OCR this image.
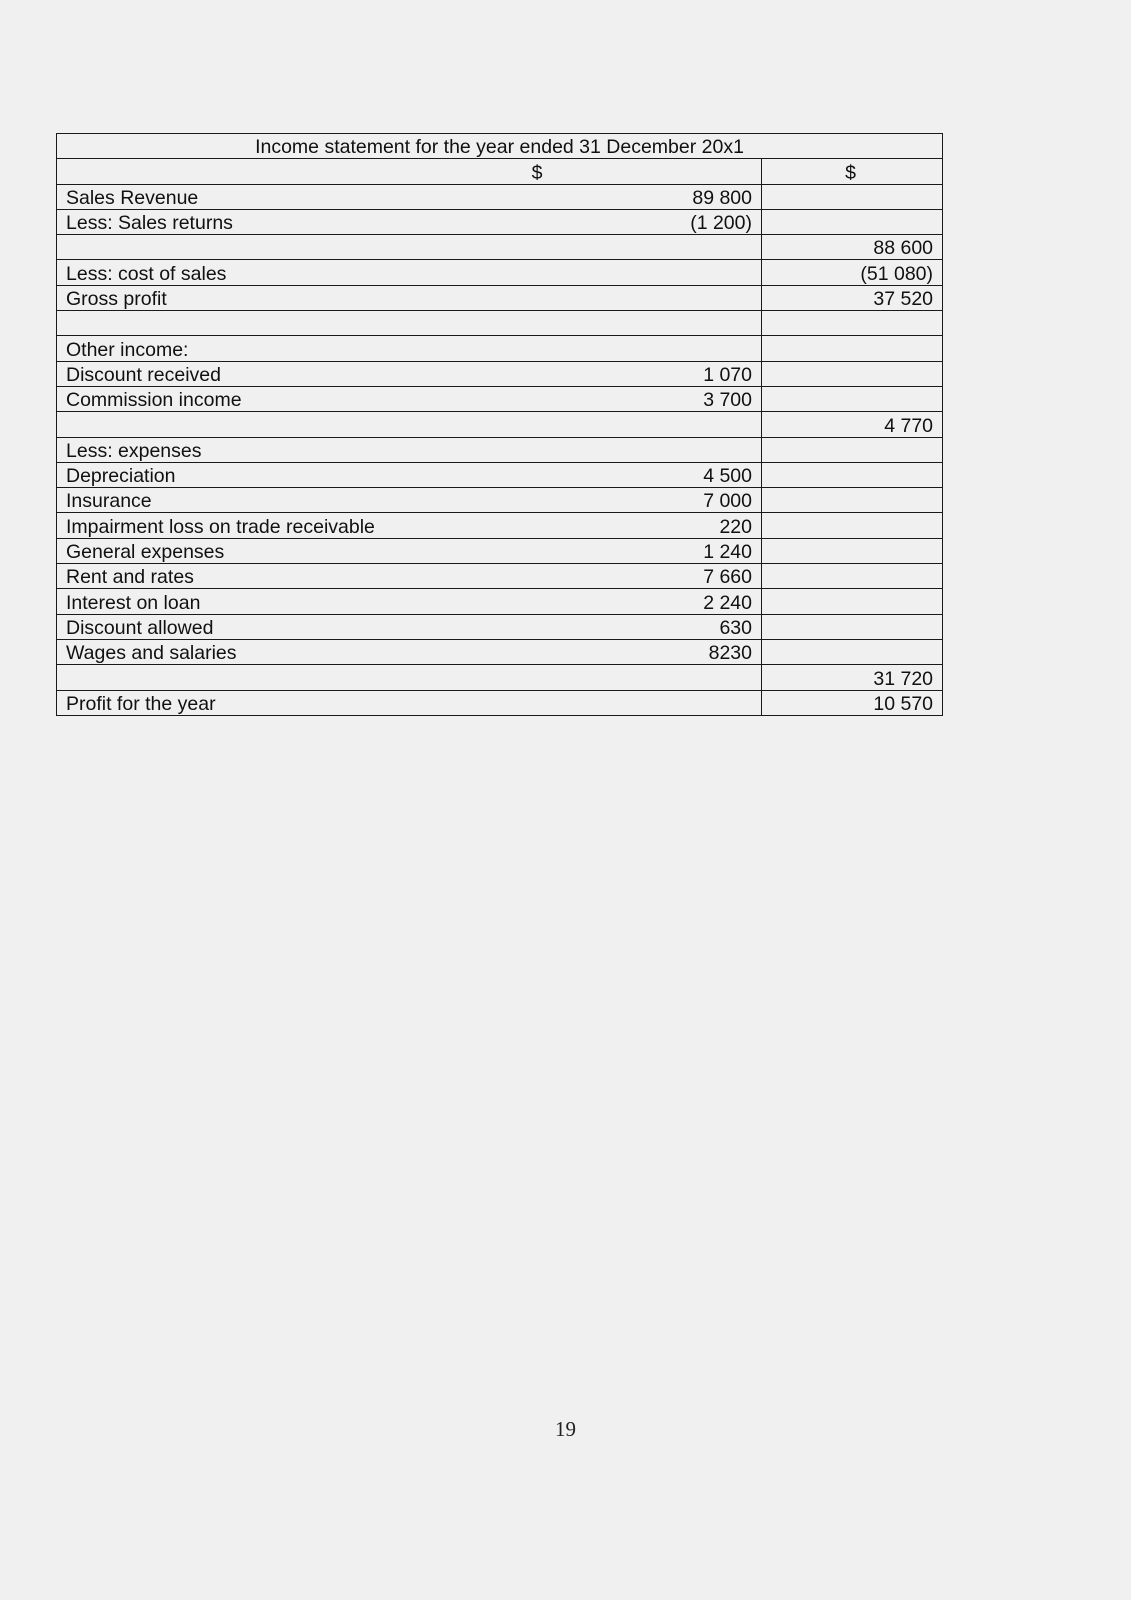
Income statement for the year ended 31 December 20x1		
$		$
Sales Revenue	89 800	
Less: Sales returns	(1 200)	
		88 600
Less: cost of sales		(51 080)
Gross profit		37 520

Other income:		
Discount received	1 070	
Commission income	3 700	
		4 770
Less: expenses		
Depreciation	4 500	
Insurance	7 000	
Impairment loss on trade receivable	220	
General expenses	1 240	
Rent and rates	7 660	
Interest on loan	2 240	
Discount allowed	630	
Wages and salaries	8230	
		31 720
Profit for the year		10 570
19
